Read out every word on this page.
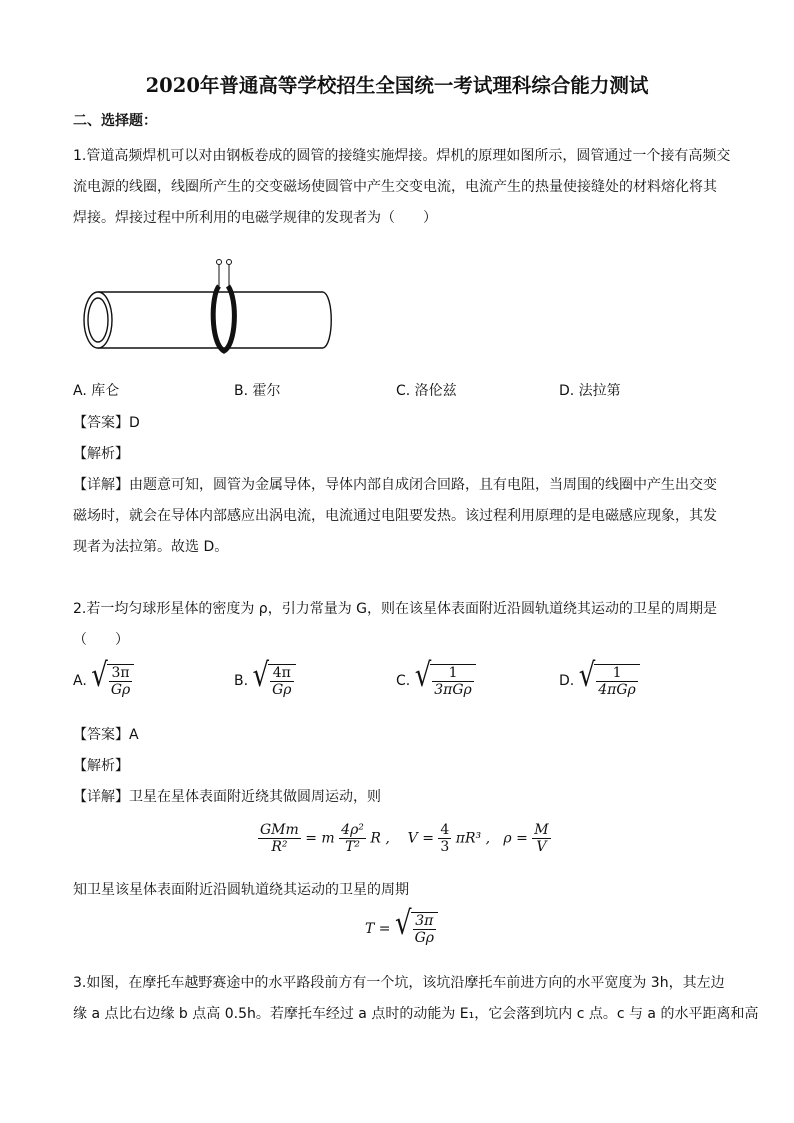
2020年普通高等学校招生全国统一考试理科综合能力测试
二、选择题：
1.管道高频焊机可以对由钢板卷成的圆管的接缝实施焊接。焊机的原理如图所示，圆管通过一个接有高频交
流电源的线圈，线圈所产生的交变磁场使圆管中产生交变电流，电流产生的热量使接缝处的材料熔化将其
焊接。焊接过程中所利用的电磁学规律的发现者为（　　）
A. 库仑	B. 霍尔	C. 洛伦兹	D. 法拉第
【答案】D
【解析】
【详解】由题意可知，圆管为金属导体，导体内部自成闭合回路，且有电阻，当周围的线圈中产生出交变
磁场时，就会在导体内部感应出涡电流，电流通过电阻要发热。该过程利用原理的是电磁感应现象，其发
现者为法拉第。故选 D。
2.若一均匀球形星体的密度为 ρ，引力常量为 G，则在该星体表面附近沿圆轨道绕其运动的卫星的周期是
（　　）
A. √ $\frac{3\pi}{G\rho}$	B. √ $\frac{4\pi}{G\rho}$	C. √ $\frac{1}{\text{3πGρ}}$	D. √ $\frac{1}{\text{4πGρ}}$
【答案】A
【解析】
【详解】卫星在星体表面附近绕其做圆周运动，则
$\frac{\text{GMm}}{\text{R²}} = m \frac{\text{4ρ²}}{\text{T²}}$ R , $V = \frac{4}{3} \pi R^3$ , $\rho = \frac{M}{V}$
知卫星该星体表面附近沿圆轨道绕其运动的卫星的周期
T = √ $\frac{3\pi}{G\rho}$
3.如图，在摩托车越野赛途中的水平路段前方有一个坑，该坑沿摩托车前进方向的水平宽度为 3h，其左边
缘 a 点比右边缘 b 点高 0.5h。若摩托车经过 a 点时的动能为 E₁，它会落到坑内 c 点。c 与 a 的水平距离和高
